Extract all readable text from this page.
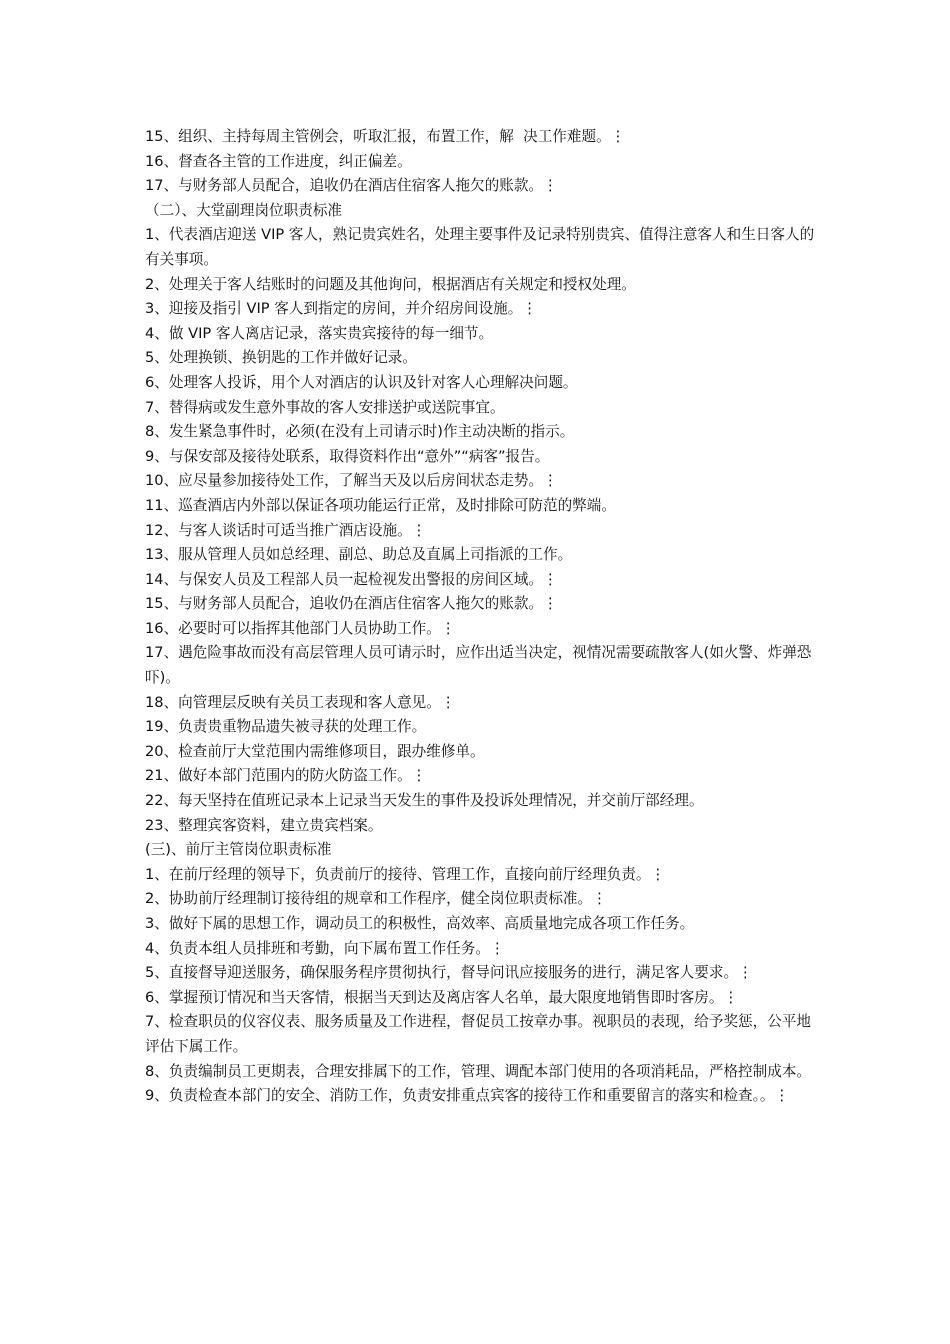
15、组织、主持每周主管例会，听取汇报，布置工作，解  决工作难题。⋮

16、督查各主管的工作进度，纠正偏差。

17、与财务部人员配合，追收仍在酒店住宿客人拖欠的账款。⋮

（二）、大堂副理岗位职责标准

1、代表酒店迎送 VIP 客人，熟记贵宾姓名，处理主要事件及记录特别贵宾、值得注意客人和生日客人的有关事项。

2、处理关于客人结账时的问题及其他询问，根据酒店有关规定和授权处理。

3、迎接及指引 VIP 客人到指定的房间，并介绍房间设施。⋮

4、做 VIP 客人离店记录，落实贵宾接待的每一细节。

5、处理换锁、换钥匙的工作并做好记录。

6、处理客人投诉，用个人对酒店的认识及针对客人心理解决问题。

7、替得病或发生意外事故的客人安排送护或送院事宜。

8、发生紧急事件时，必须(在没有上司请示时)作主动决断的指示。

9、与保安部及接待处联系，取得资料作出“意外”“病客”报告。

10、应尽量参加接待处工作，了解当天及以后房间状态走势。⋮

11、巡查酒店内外部以保证各项功能运行正常，及时排除可防范的弊端。

12、与客人谈话时可适当推广酒店设施。⋮

13、服从管理人员如总经理、副总、助总及直属上司指派的工作。

14、与保安人员及工程部人员一起检视发出警报的房间区域。⋮

15、与财务部人员配合，追收仍在酒店住宿客人拖欠的账款。⋮

16、必要时可以指挥其他部门人员协助工作。⋮

17、遇危险事故而没有高层管理人员可请示时，应作出适当决定，视情况需要疏散客人(如火警、炸弹恐吓)。

18、向管理层反映有关员工表现和客人意见。⋮

19、负责贵重物品遗失被寻获的处理工作。

20、检查前厅大堂范围内需维修项目，跟办维修单。

21、做好本部门范围内的防火防盗工作。⋮

22、每天坚持在值班记录本上记录当天发生的事件及投诉处理情况，并交前厅部经理。

23、整理宾客资料，建立贵宾档案。

(三)、前厅主管岗位职责标准

1、在前厅经理的领导下，负责前厅的接待、管理工作，直接向前厅经理负责。⋮

2、协助前厅经理制订接待组的规章和工作程序，健全岗位职责标准。⋮

3、做好下属的思想工作，调动员工的积极性，高效率、高质量地完成各项工作任务。

4、负责本组人员排班和考勤，向下属布置工作任务。⋮

5、直接督导迎送服务，确保服务程序贯彻执行，督导问讯应接服务的进行，满足客人要求。⋮

6、掌握预订情况和当天客情，根据当天到达及离店客人名单，最大限度地销售即时客房。⋮

7、检查职员的仪容仪表、服务质量及工作进程，督促员工按章办事。视职员的表现，给予奖惩，公平地评估下属工作。

8、负责编制员工更期表，合理安排属下的工作，管理、调配本部门使用的各项消耗品，严格控制成本。

9、负责检查本部门的安全、消防工作，负责安排重点宾客的接待工作和重要留言的落实和检查。。⋮
